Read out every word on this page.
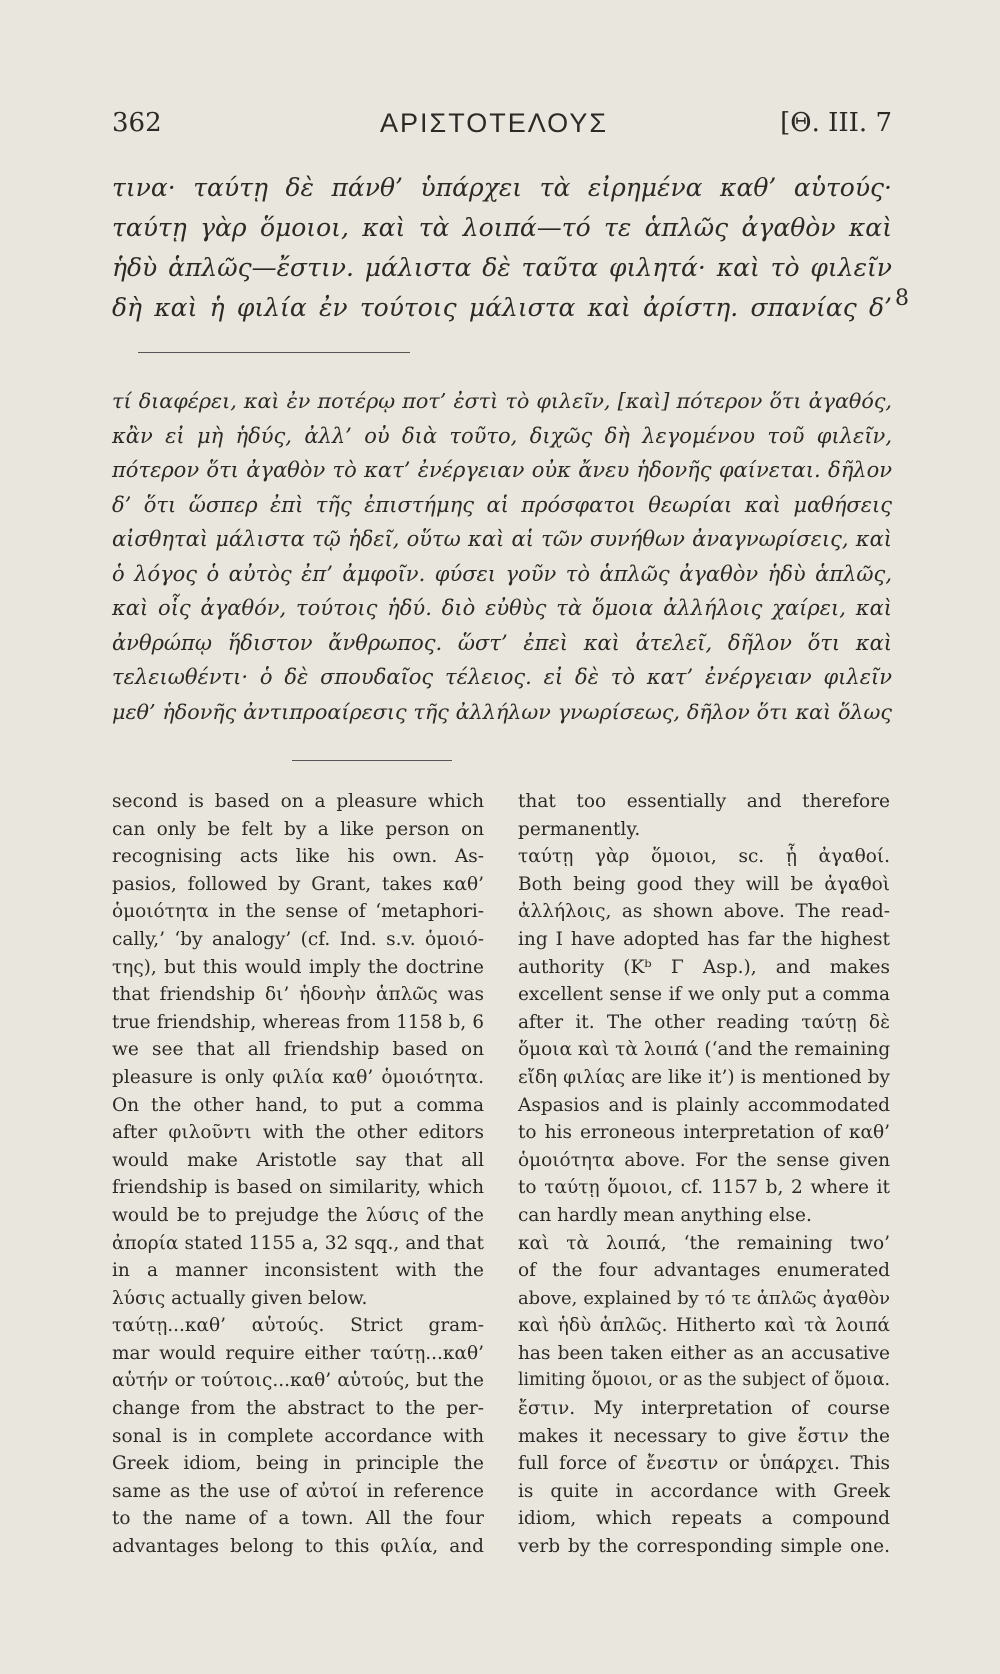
362	ΑΡΙΣΤΟΤΕΛΟΥΣ	[Θ. III. 7
τινα· ταύτῃ δὲ πάνθ’ ὑπάρχει τὰ εἰρημένα καθ’ αὑτούς·
ταύτῃ γὰρ ὅμοιοι, καὶ τὰ λοιπά—τό τε ἁπλῶς ἀγαθὸν καὶ
ἡδὺ ἁπλῶς—ἔστιν. μάλιστα δὲ ταῦτα φιλητά· καὶ τὸ φιλεῖν
δὴ καὶ ἡ φιλία ἐν τούτοις μάλιστα καὶ ἀρίστη. σπανίας δ’ 8
τί διαφέρει, καὶ ἐν ποτέρῳ ποτ’ ἐστὶ τὸ φιλεῖν, [καὶ] πότερον ὅτι ἀγαθός,
κἂν εἰ μὴ ἡδύς, ἀλλ’ οὐ διὰ τοῦτο, διχῶς δὴ λεγομένου τοῦ φιλεῖν,
πότερον ὅτι ἀγαθὸν τὸ κατ’ ἐνέργειαν οὐκ ἄνευ ἡδονῆς φαίνεται. δῆλον
δ’ ὅτι ὥσπερ ἐπὶ τῆς ἐπιστήμης αἱ πρόσφατοι θεωρίαι καὶ μαθήσεις
αἰσθηταὶ μάλιστα τῷ ἡδεῖ, οὕτω καὶ αἱ τῶν συνήθων ἀναγνωρίσεις, καὶ
ὁ λόγος ὁ αὐτὸς ἐπ’ ἀμφοῖν. φύσει γοῦν τὸ ἁπλῶς ἀγαθὸν ἡδὺ ἁπλῶς,
καὶ οἷς ἀγαθόν, τούτοις ἡδύ. διὸ εὐθὺς τὰ ὅμοια ἀλλήλοις χαίρει, καὶ
ἀνθρώπῳ ἥδιστον ἄνθρωπος. ὥστ’ ἐπεὶ καὶ ἀτελεῖ, δῆλον ὅτι καὶ
τελειωθέντι· ὁ δὲ σπουδαῖος τέλειος. εἰ δὲ τὸ κατ’ ἐνέργειαν φιλεῖν
μεθ’ ἡδονῆς ἀντιπροαίρεσις τῆς ἀλλήλων γνωρίσεως, δῆλον ὅτι καὶ ὅλως
second is based on a pleasure which
can only be felt by a like person on
recognising acts like his own. As-
pasios, followed by Grant, takes καθ’
ὁμοιότητα in the sense of ‘metaphori-
cally,’ ‘by analogy’ (cf. Ind. s.v. ὁμοιό-
της), but this would imply the doctrine
that friendship δι’ ἡδονὴν ἁπλῶς was
true friendship, whereas from 1158 b, 6
we see that all friendship based on
pleasure is only φιλία καθ’ ὁμοιότητα.
On the other hand, to put a comma
after φιλοῦντι with the other editors
would make Aristotle say that all
friendship is based on similarity, which
would be to prejudge the λύσις of the
ἀπορία stated 1155 a, 32 sqq., and that
in a manner inconsistent with the
λύσις actually given below.
ταύτῃ...καθ’ αὑτούς. Strict gram-
mar would require either ταύτῃ...καθ’
αὑτήν or τούτοις...καθ’ αὑτούς, but the
change from the abstract to the per-
sonal is in complete accordance with
Greek idiom, being in principle the
same as the use of αὐτοί in reference
to the name of a town. All the four
advantages belong to this φιλία, and
that too essentially and therefore
permanently.
ταύτῃ γὰρ ὅμοιοι, sc. ᾗ ἀγαθοί.
Both being good they will be ἀγαθοὶ
ἀλλήλοις, as shown above. The read-
ing I have adopted has far the highest
authority (Kᵇ Γ Asp.), and makes
excellent sense if we only put a comma
after it. The other reading ταύτῃ δὲ
ὅμοια καὶ τὰ λοιπά (‘and the remaining
εἴδη φιλίας are like it’) is mentioned by
Aspasios and is plainly accommodated
to his erroneous interpretation of καθ’
ὁμοιότητα above. For the sense given
to ταύτῃ ὅμοιοι, cf. 1157 b, 2 where it
can hardly mean anything else.
καὶ τὰ λοιπά, ‘the remaining two’
of the four advantages enumerated
above, explained by τό τε ἁπλῶς ἀγαθὸν
καὶ ἡδὺ ἁπλῶς. Hitherto καὶ τὰ λοιπά
has been taken either as an accusative
limiting ὅμοιοι, or as the subject of ὅμοια.
ἔστιν. My interpretation of course
makes it necessary to give ἔστιν the
full force of ἔνεστιν or ὑπάρχει. This
is quite in accordance with Greek
idiom, which repeats a compound
verb by the corresponding simple one.
